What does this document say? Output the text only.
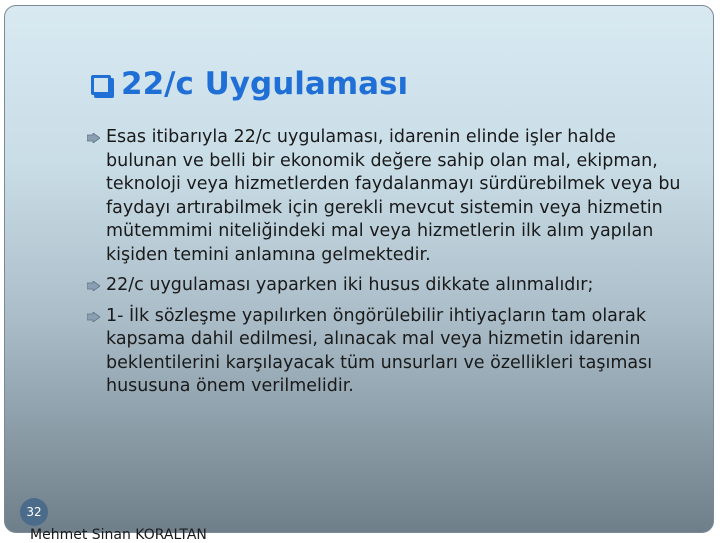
22/c Uygulaması
Esas itibarıyla 22/c uygulaması, idarenin elinde işler halde bulunan ve belli bir ekonomik değere sahip olan mal, ekipman, teknoloji veya hizmetlerden faydalanmayı sürdürebilmek veya bu faydayı artırabilmek için gerekli mevcut sistemin veya hizmetin mütemmimi niteliğindeki mal veya hizmetlerin ilk alım yapılan kişiden temini anlamına gelmektedir.
22/c uygulaması yaparken iki husus dikkate alınmalıdır;
1- İlk sözleşme yapılırken öngörülebilir ihtiyaçların tam olarak kapsama dahil edilmesi, alınacak mal veya hizmetin idarenin beklentilerini karşılayacak tüm unsurları ve özellikleri taşıması hususuna önem verilmelidir.
32
Mehmet Sinan KORALTAN
